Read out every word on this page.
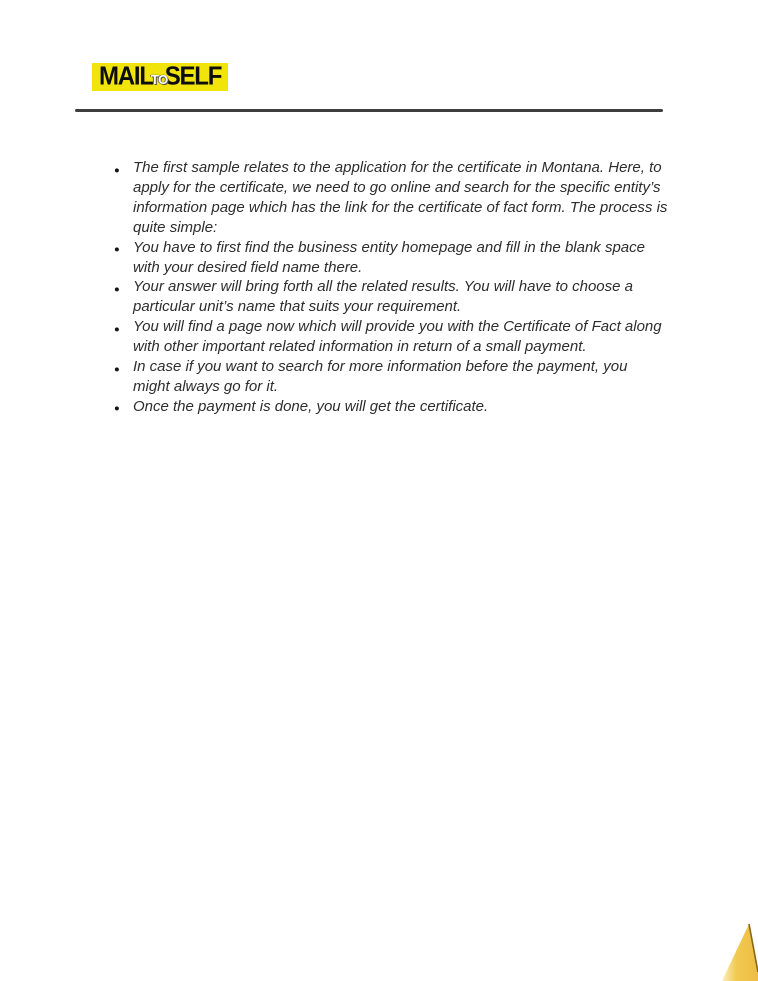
MAIL
TO
SELF
● The first sample relates to the application for the certificate in Montana. Here, to apply for the certificate, we need to go online and search for the specific entity’s information page which has the link for the certificate of fact form. The process is quite simple:
● You have to first find the business entity homepage and fill in the blank space with your desired field name there.
● Your answer will bring forth all the related results. You will have to choose a particular unit’s name that suits your requirement.
● You will find a page now which will provide you with the Certificate of Fact along with other important related information in return of a small payment.
● In case if you want to search for more information before the payment, you might always go for it.
● Once the payment is done, you will get the certificate.
